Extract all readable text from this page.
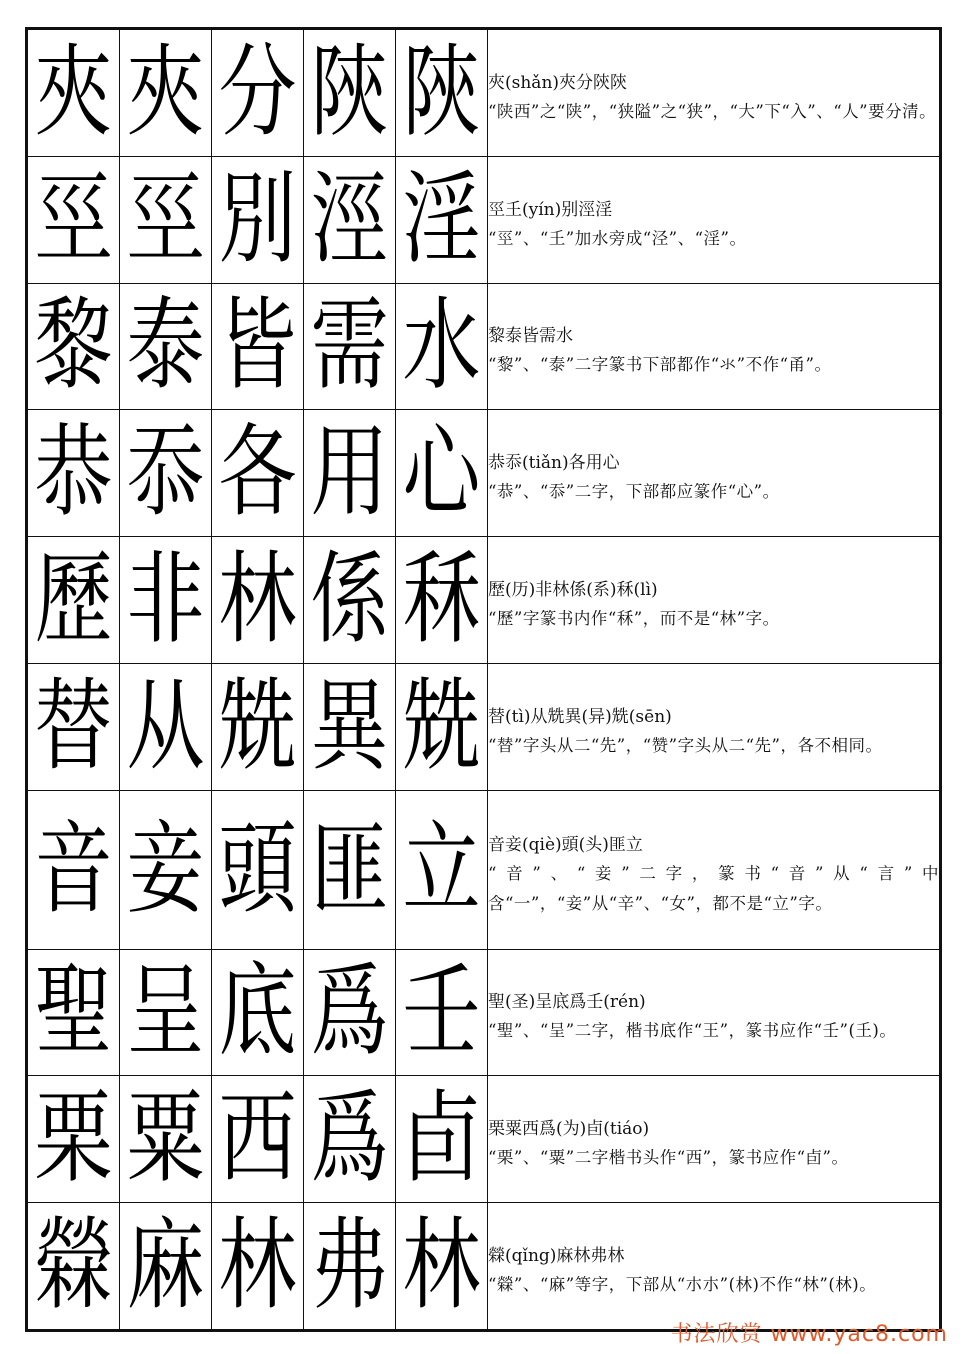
夾	夾	分	陝	陝	夾(shǎn)夾分陝陝
“陕西”之“陕”，“狭隘”之“狭”，“大”下“入”、“人”要分清。

巠	巠	別	涇	淫	巠𡈼(yín)别涇淫
“巠”、“𡈼”加水旁成“泾”、“淫”。

黎	泰	皆	需	水	黎泰皆需水
“黎”、“泰”二字篆书下部都作“氺”不作“甬”。

恭	忝	各	用	心	恭忝(tiǎn)各用心
“恭”、“忝”二字，下部都应篆作“心”。

歷	非	林	係	秝	歷(历)非林係(系)秝(lì)
“歷”字篆书内作“秝”，而不是“林”字。

替	从	兟	異	兟	替(tì)从兟異(异)兟(sēn)
“替”字头从二“先”，“赞”字头从二“先”，各不相同。

音	妾	頭	匪	立	音妾(qiè)頭(头)匪立
“音”、“妾”二字，篆书“音”从“言”中含“一”，“妾”从“辛”、“女”，都不是“立”字。

聖	呈	底	爲	壬	聖(圣)呈底爲壬(rén)
“聖”、“呈”二字，楷书底作“王”，篆书应作“壬”(𡈼)。

栗	粟	西	爲	卣	栗粟西爲(为)卣(tiáo)
“栗”、“粟”二字楷书头作“西”，篆书应作“卣”。

檾	麻	林	弗	林	檾(qǐng)麻林弗林
“檾”、“麻”等字，下部从“朩朩”(林)不作“林”(林)。
书法欣赏 www.yac8.com
